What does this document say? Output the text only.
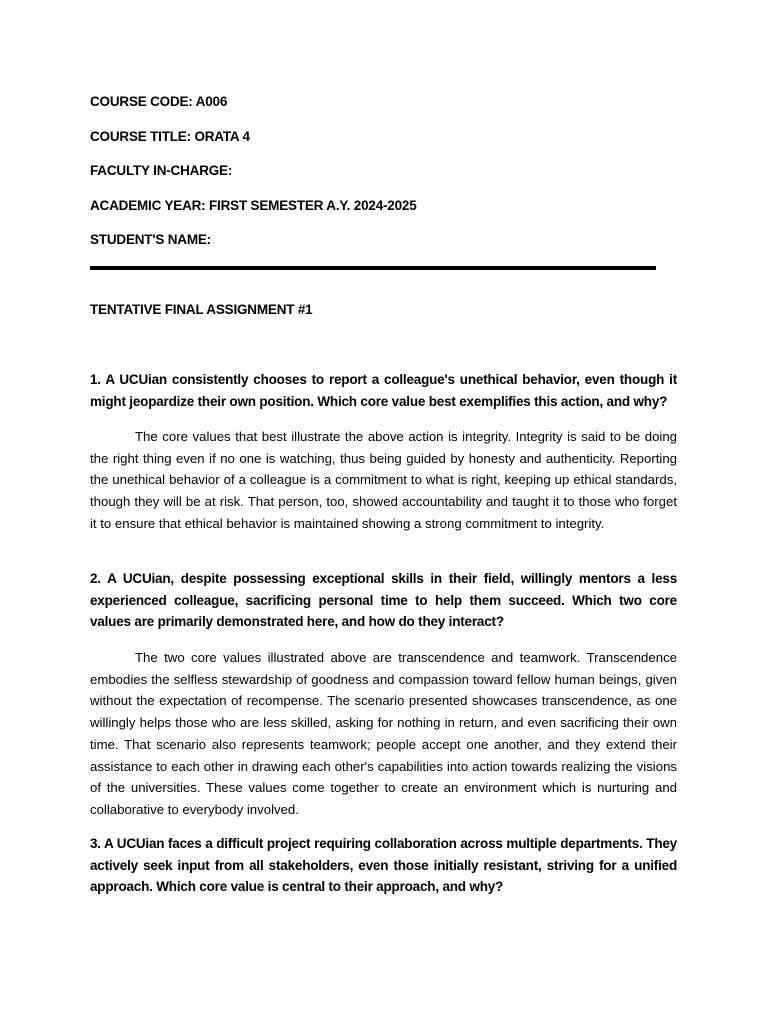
COURSE CODE: A006
COURSE TITLE: ORATA 4
FACULTY IN-CHARGE:
ACADEMIC YEAR: FIRST SEMESTER A.Y. 2024-2025
STUDENT'S NAME:
TENTATIVE FINAL ASSIGNMENT #1

1. A UCUian consistently chooses to report a colleague's unethical behavior, even though it might jeopardize their own position. Which core value best exemplifies this action, and why?

The core values that best illustrate the above action is integrity. Integrity is said to be doing the right thing even if no one is watching, thus being guided by honesty and authenticity. Reporting the unethical behavior of a colleague is a commitment to what is right, keeping up ethical standards, though they will be at risk. That person, too, showed accountability and taught it to those who forget it to ensure that ethical behavior is maintained showing a strong commitment to integrity.

2. A UCUian, despite possessing exceptional skills in their field, willingly mentors a less experienced colleague, sacrificing personal time to help them succeed. Which two core values are primarily demonstrated here, and how do they interact?

The two core values illustrated above are transcendence and teamwork. Transcendence embodies the selfless stewardship of goodness and compassion toward fellow human beings, given without the expectation of recompense. The scenario presented showcases transcendence, as one willingly helps those who are less skilled, asking for nothing in return, and even sacrificing their own time. That scenario also represents teamwork; people accept one another, and they extend their assistance to each other in drawing each other's capabilities into action towards realizing the visions of the universities. These values come together to create an environment which is nurturing and collaborative to everybody involved.

3. A UCUian faces a difficult project requiring collaboration across multiple departments. They actively seek input from all stakeholders, even those initially resistant, striving for a unified approach. Which core value is central to their approach, and why?
